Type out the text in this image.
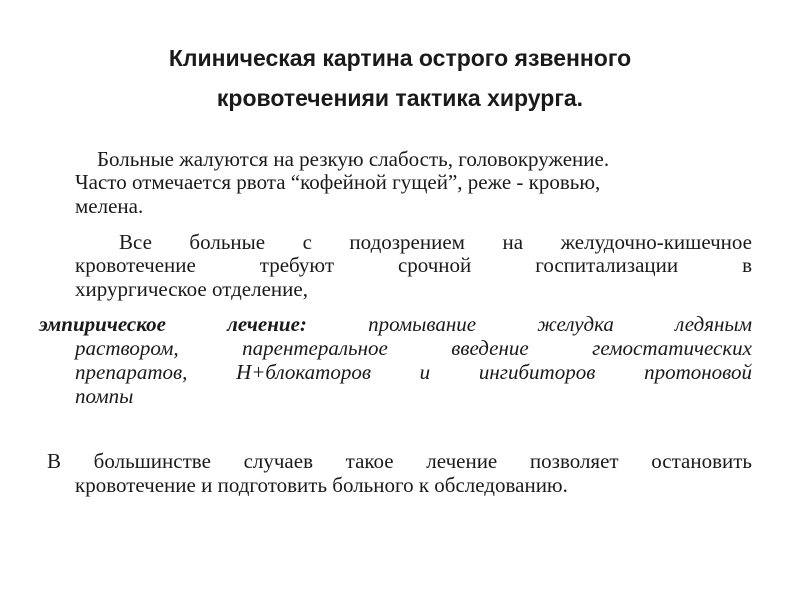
Клиническая картина острого язвенного
кровотечения​и тактика хирурга.
Больные жалуются на резкую слабость, головокружение.
Часто отмечается рвота “кофейной гущей”, реже - кровью,
мелена.
Все больные с подозрением на желудочно-кишечное
кровотечение требуют срочной госпитализации в
хирургическое отделение,
эмпирическое лечение:	промывание желудка ледяным
раствором, парентеральное введение гемостатических
препаратов, Н+блокаторов и ингибиторов протоновой
помпы
В большинстве случаев такое лечение позволяет остановить
кровотечение и подготовить больного к обследованию.
